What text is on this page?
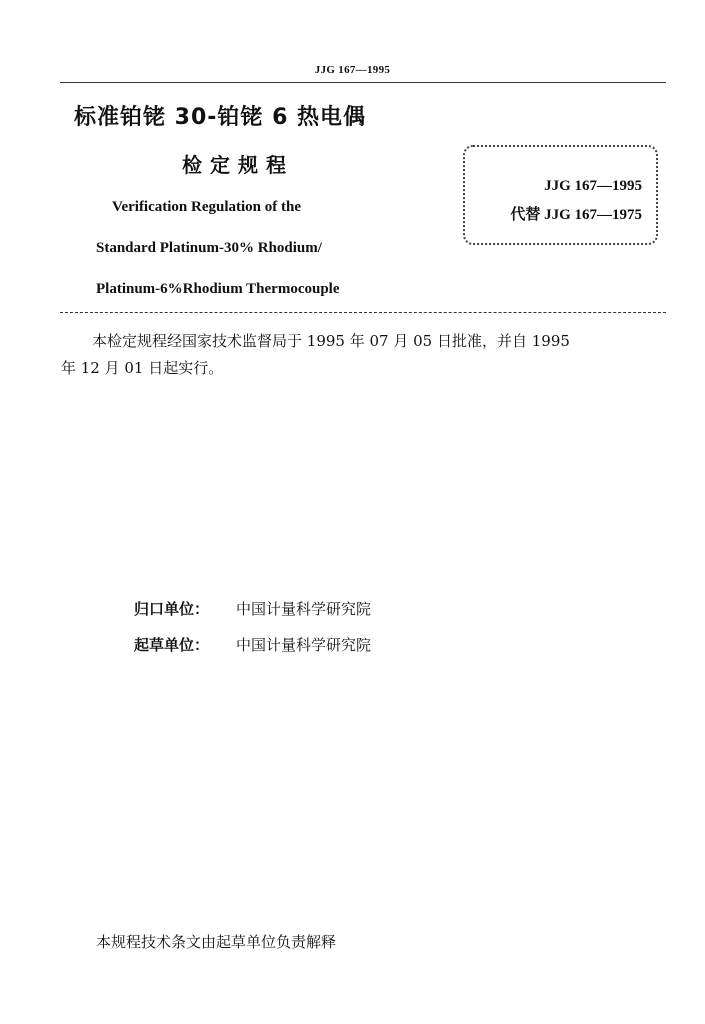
JJG 167—1995
标准铂铑 30-铂铑 6 热电偶
检定规程
Verification Regulation of the
Standard Platinum-30% Rhodium/
Platinum-6%Rhodium Thermocouple
JJG 167—1995
代替 JJG 167—1975
本检定规程经国家技术监督局于 1995 年 07 月 05 日批准，并自 1995
年 12 月 01 日起实行。
归口单位： 中国计量科学研究院
起草单位： 中国计量科学研究院
本规程技术条文由起草单位负责解释
